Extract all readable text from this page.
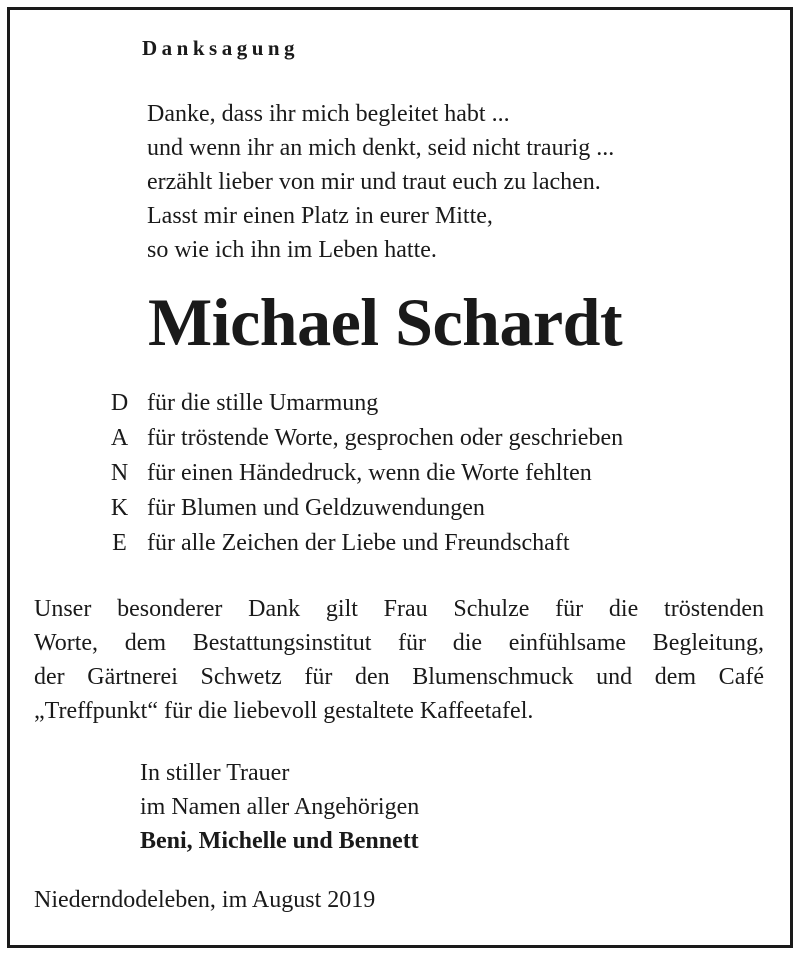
Danksagung
Danke, dass ihr mich begleitet habt ...
und wenn ihr an mich denkt, seid nicht traurig ...
erzählt lieber von mir und traut euch zu lachen.
Lasst mir einen Platz in eurer Mitte,
so wie ich ihn im Leben hatte.
Michael Schardt
D für die stille Umarmung
A für tröstende Worte, gesprochen oder geschrieben
N für einen Händedruck, wenn die Worte fehlten
K für Blumen und Geldzuwendungen
E für alle Zeichen der Liebe und Freundschaft
Unser besonderer Dank gilt Frau Schulze für die tröstenden
Worte, dem Bestattungsinstitut für die einfühlsame Begleitung,
der Gärtnerei Schwetz für den Blumenschmuck und dem Café
„Treffpunkt“ für die liebevoll gestaltete Kaffeetafel.
In stiller Trauer
im Namen aller Angehörigen
Beni, Michelle und Bennett
Niederndodeleben, im August 2019
